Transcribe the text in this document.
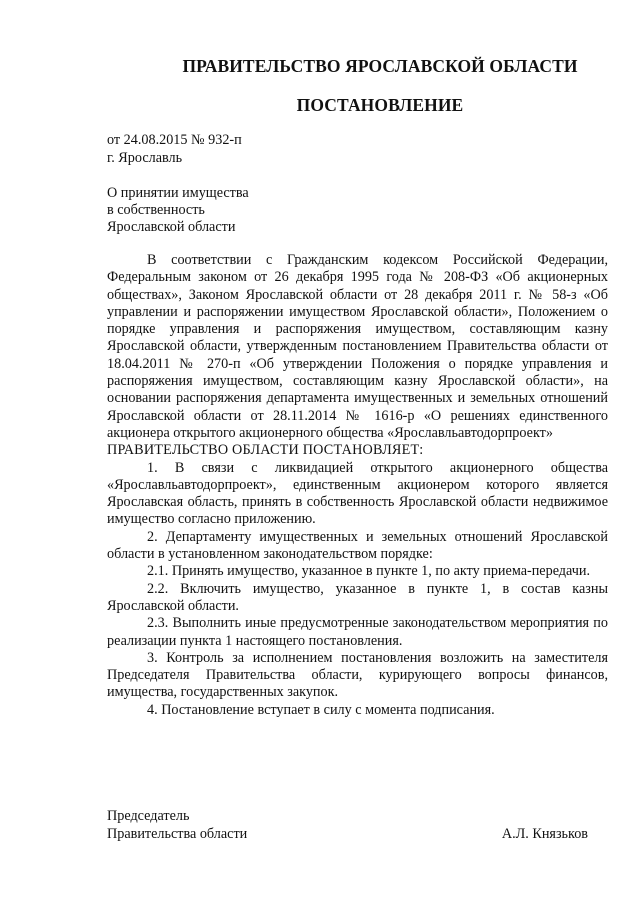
ПРАВИТЕЛЬСТВО ЯРОСЛАВСКОЙ ОБЛАСТИ
ПОСТАНОВЛЕНИЕ
от 24.08.2015 № 932-п
г. Ярославль
О принятии имущества
в собственность
Ярославской области

В соответствии с Гражданским кодексом Российской Федерации, Федеральным законом от 26 декабря 1995 года № 208-ФЗ «Об акционерных обществах», Законом Ярославской области от 28 декабря 2011 г. № 58-з «Об управлении и распоряжении имуществом Ярославской области», Положением о порядке управления и распоряжения имуществом, составляющим казну Ярославской области, утвержденным постановлением Правительства области от 18.04.2011 № 270-п «Об утверждении Положения о порядке управления и распоряжения имуществом, составляющим казну Ярославской области», на основании распоряжения департамента имущественных и земельных отношений Ярославской области от 28.11.2014 № 1616-р «О решениях единственного акционера открытого акционерного общества «Ярославльавтодорпроект»

ПРАВИТЕЛЬСТВО ОБЛАСТИ ПОСТАНОВЛЯЕТ:

1. В связи с ликвидацией открытого акционерного общества «Ярославльавтодорпроект», единственным акционером которого является Ярославская область, принять в собственность Ярославской области недвижимое имущество согласно приложению.

2. Департаменту имущественных и земельных отношений Ярославской области в установленном законодательством порядке:

2.1. Принять имущество, указанное в пункте 1, по акту приема-передачи.

2.2. Включить имущество, указанное в пункте 1, в состав казны Ярославской области.

2.3. Выполнить иные предусмотренные законодательством мероприятия по реализации пункта 1 настоящего постановления.

3. Контроль за исполнением постановления возложить на заместителя Председателя Правительства области, курирующего вопросы финансов, имущества, государственных закупок.

4. Постановление вступает в силу с момента подписания.

Председатель
Правительства области	А.Л. Князьков
